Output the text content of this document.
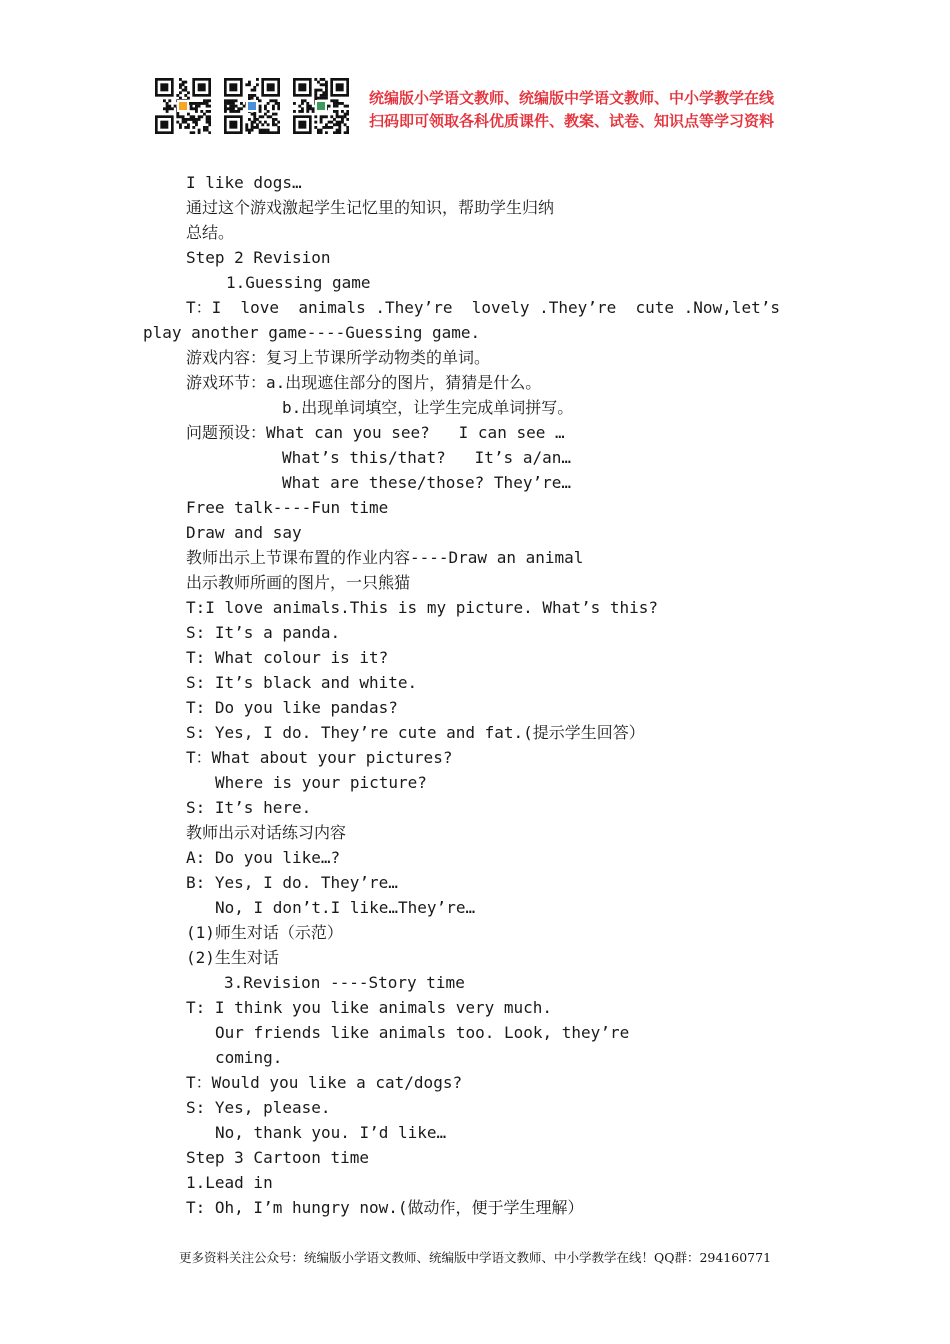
统编版小学语文教师、统编版中学语文教师、中小学教学在线
扫码即可领取各科优质课件、教案、试卷、知识点等学习资料
I like dogs…
通过这个游戏激起学生记忆里的知识，帮助学生归纳
总结。
Step 2 Revision
1.Guessing game
T：I  love  animals .They’re  lovely .They’re  cute .Now,let’s
play another game----Guessing game.
游戏内容：复习上节课所学动物类的单词。
游戏环节：a.出现遮住部分的图片，猜猜是什么。
b.出现单词填空，让学生完成单词拼写。
问题预设：What can you see?   I can see …
What’s this/that?   It’s a/an…
What are these/those? They’re…
Free talk----Fun time
Draw and say
教师出示上节课布置的作业内容----Draw an animal
出示教师所画的图片，一只熊猫
T:I love animals.This is my picture. What’s this?
S: It’s a panda.
T: What colour is it?
S: It’s black and white.
T: Do you like pandas?
S: Yes, I do. They’re cute and fat.(提示学生回答）
T：What about your pictures?
Where is your picture?
S: It’s here.
教师出示对话练习内容
A: Do you like…?
B: Yes, I do. They’re…
No, I don’t.I like…They’re…
(1)师生对话（示范）
(2)生生对话
3.Revision ----Story time
T: I think you like animals very much.
Our friends like animals too. Look, they’re
coming.
T：Would you like a cat/dogs?
S: Yes, please.
No, thank you. I’d like…
Step 3 Cartoon time
1.Lead in
T: Oh, I’m hungry now.(做动作，便于学生理解）
更多资料关注公众号：统编版小学语文教师、统编版中学语文教师、中小学教学在线！QQ群：294160771
